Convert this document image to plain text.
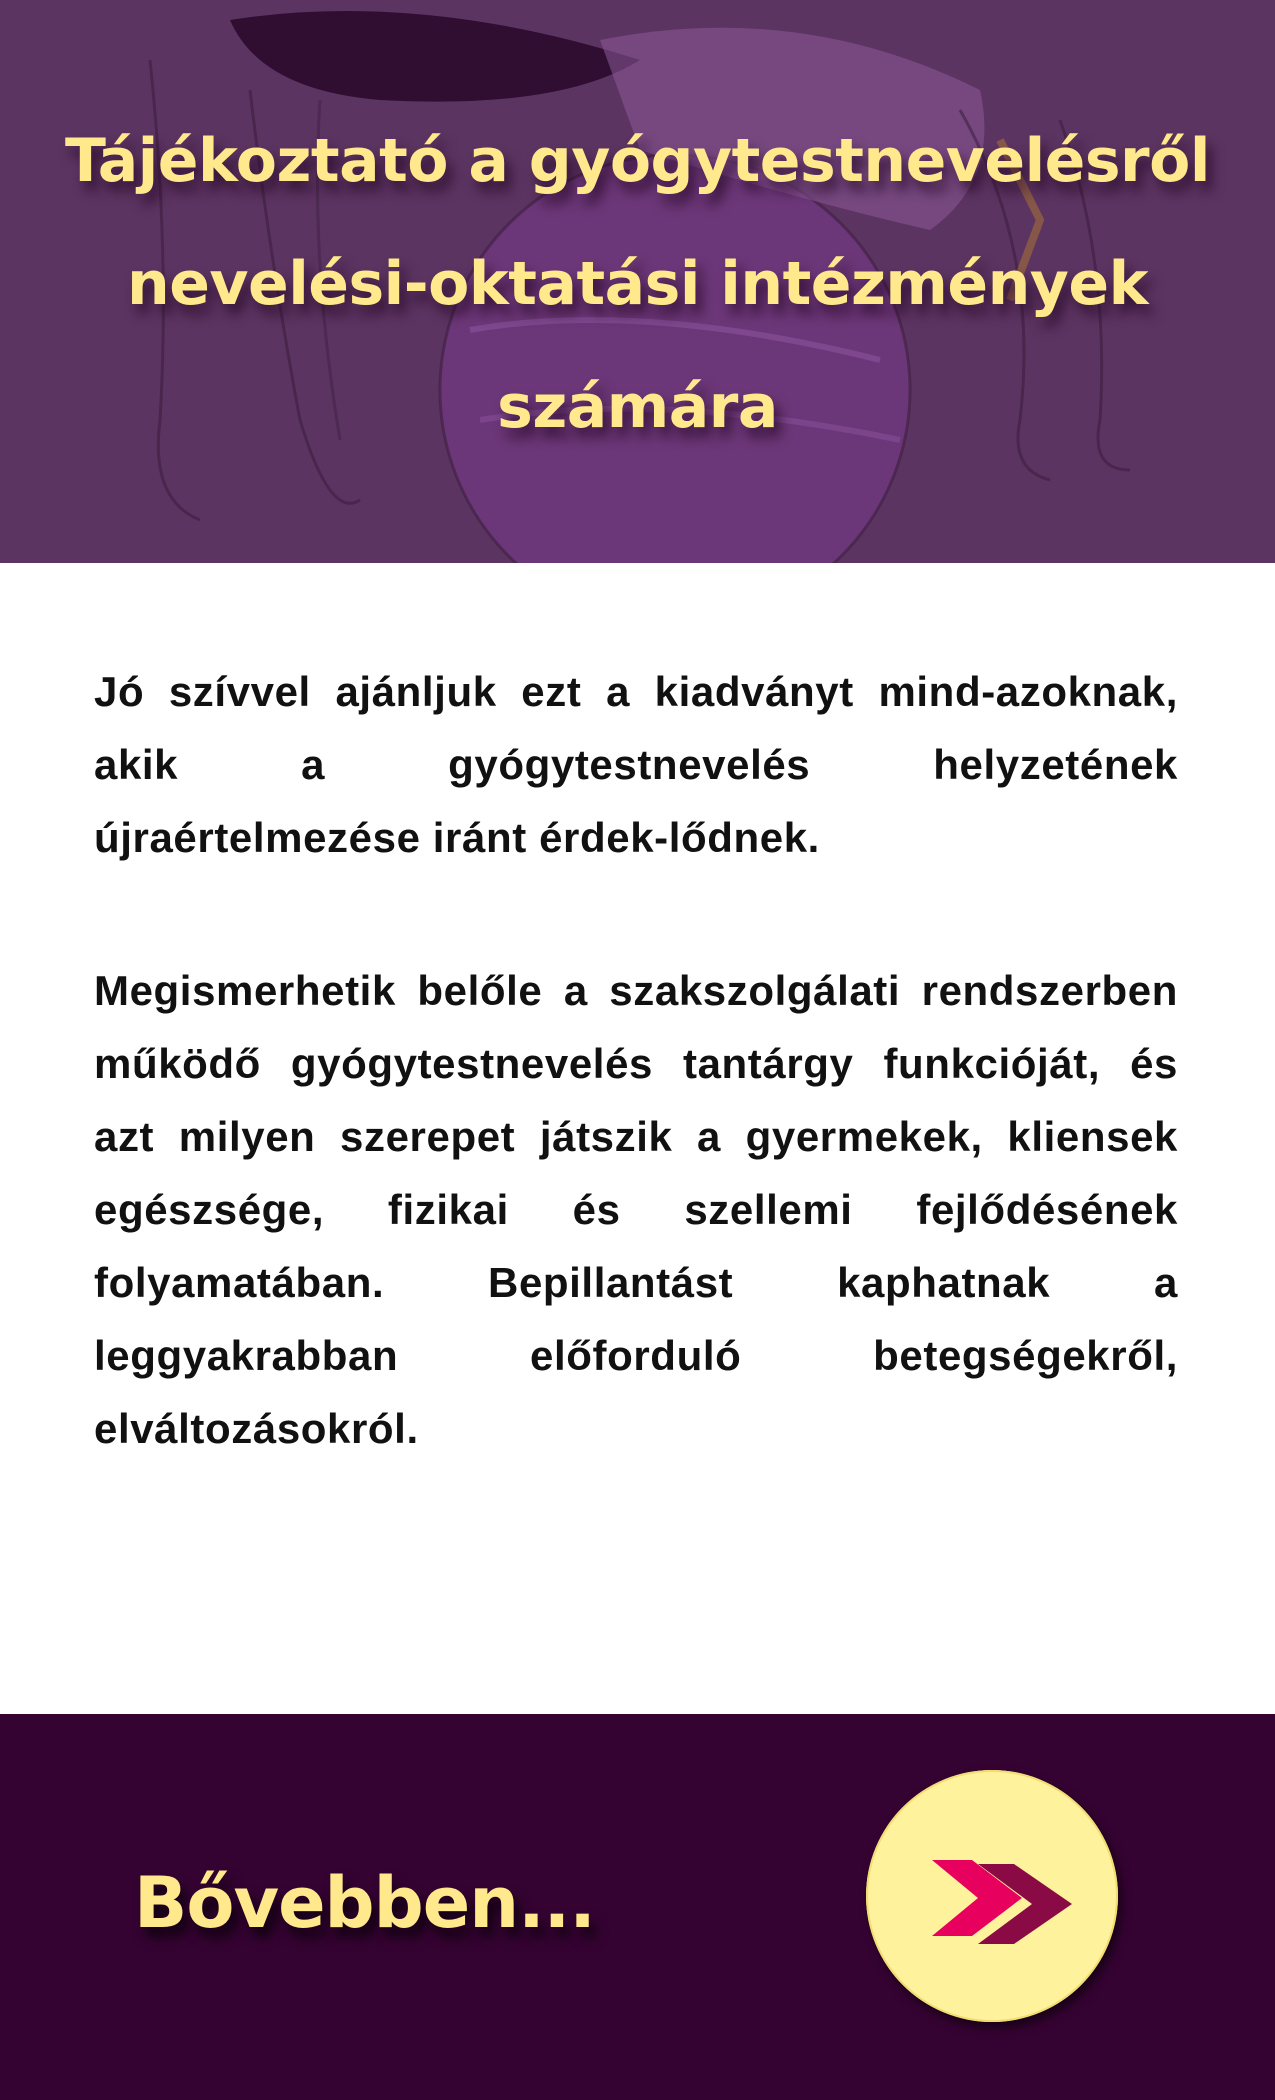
Tájékoztató a gyógytestnevelésről
nevelési-oktatási intézmények
számára

Jó szívvel ajánljuk ezt a kiadványt mind-azoknak, akik a gyógytestnevelés helyzetének újraértelmezése iránt érdek-lődnek.

Megismerhetik belőle a szakszolgálati rendszerben működő gyógytestnevelés tantárgy funkcióját, és azt milyen szerepet játszik a gyermekek, kliensek egészsége, fizikai és szellemi fejlődésének folyamatában. Bepillantást kaphatnak a leggyakrabban előforduló betegségekről, elváltozásokról.

Bővebben...
